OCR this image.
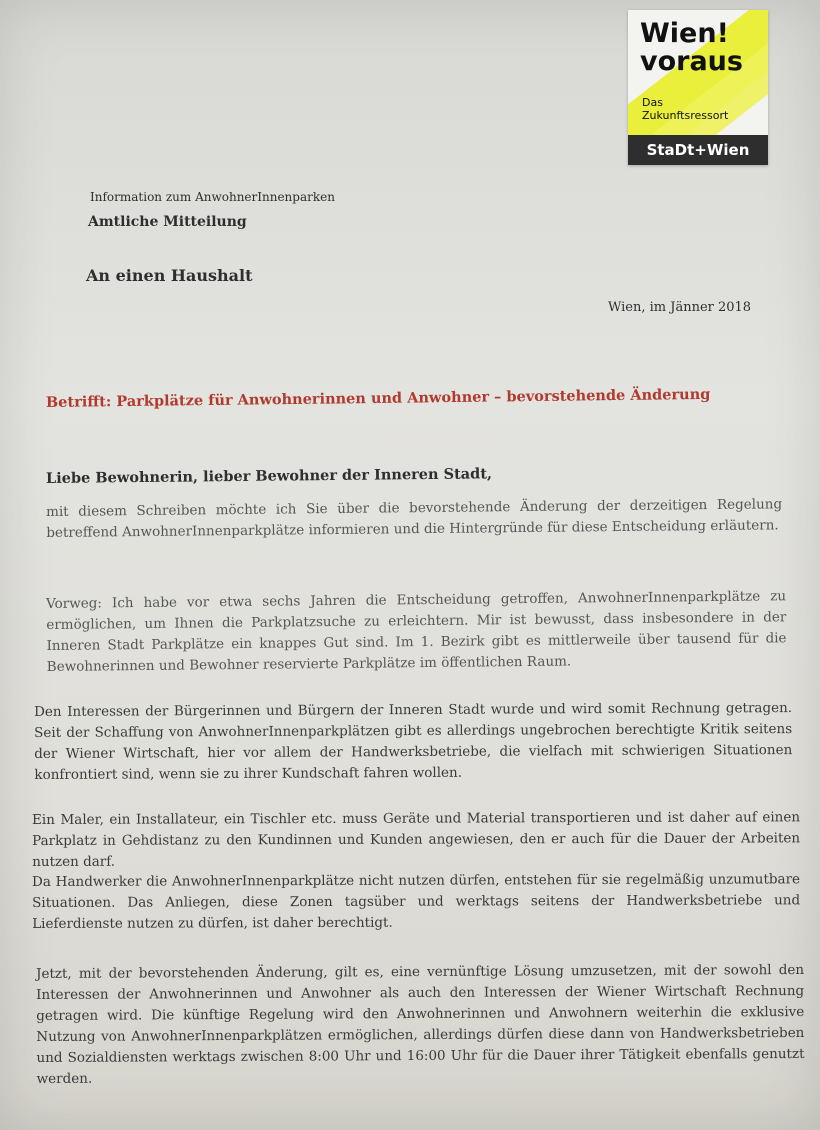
Wien!
voraus
Das
Zukunftsressort
StaDt+Wien
Information zum AnwohnerInnenparken
Amtliche Mitteilung
An einen Haushalt
Wien, im Jänner 2018
Betrifft: Parkplätze für Anwohnerinnen und Anwohner – bevorstehende Änderung
Liebe Bewohnerin, lieber Bewohner der Inneren Stadt,

mit diesem Schreiben möchte ich Sie über die bevorstehende Änderung der derzeitigen Regelung betreffend AnwohnerInnenparkplätze informieren und die Hintergründe für diese Entscheidung erläutern.

Vorweg: Ich habe vor etwa sechs Jahren die Entscheidung getroffen, AnwohnerInnenparkplätze zu ermöglichen, um Ihnen die Parkplatzsuche zu erleichtern. Mir ist bewusst, dass insbesondere in der Inneren Stadt Parkplätze ein knappes Gut sind. Im 1. Bezirk gibt es mittlerweile über tausend für die Bewohnerinnen und Bewohner reservierte Parkplätze im öffentlichen Raum.

Den Interessen der Bürgerinnen und Bürgern der Inneren Stadt wurde und wird somit Rechnung getragen. Seit der Schaffung von AnwohnerInnenparkplätzen gibt es allerdings ungebrochen berechtigte Kritik seitens der Wiener Wirtschaft, hier vor allem der Handwerksbetriebe, die vielfach mit schwierigen Situationen konfrontiert sind, wenn sie zu ihrer Kundschaft fahren wollen.

Ein Maler, ein Installateur, ein Tischler etc. muss Geräte und Material transportieren und ist daher auf einen Parkplatz in Gehdistanz zu den Kundinnen und Kunden angewiesen, den er auch für die Dauer der Arbeiten nutzen darf.

Da Handwerker die AnwohnerInnenparkplätze nicht nutzen dürfen, entstehen für sie regelmäßig unzumutbare Situationen. Das Anliegen, diese Zonen tagsüber und werktags seitens der Handwerksbetriebe und Lieferdienste nutzen zu dürfen, ist daher berechtigt.

Jetzt, mit der bevorstehenden Änderung, gilt es, eine vernünftige Lösung umzusetzen, mit der sowohl den Interessen der Anwohnerinnen und Anwohner als auch den Interessen der Wiener Wirtschaft Rechnung getragen wird. Die künftige Regelung wird den Anwohnerinnen und Anwohnern weiterhin die exklusive Nutzung von AnwohnerInnenparkplätzen ermöglichen, allerdings dürfen diese dann von Handwerksbetrieben und Sozialdiensten werktags zwischen 8:00 Uhr und 16:00 Uhr für die Dauer ihrer Tätigkeit ebenfalls genutzt werden.
